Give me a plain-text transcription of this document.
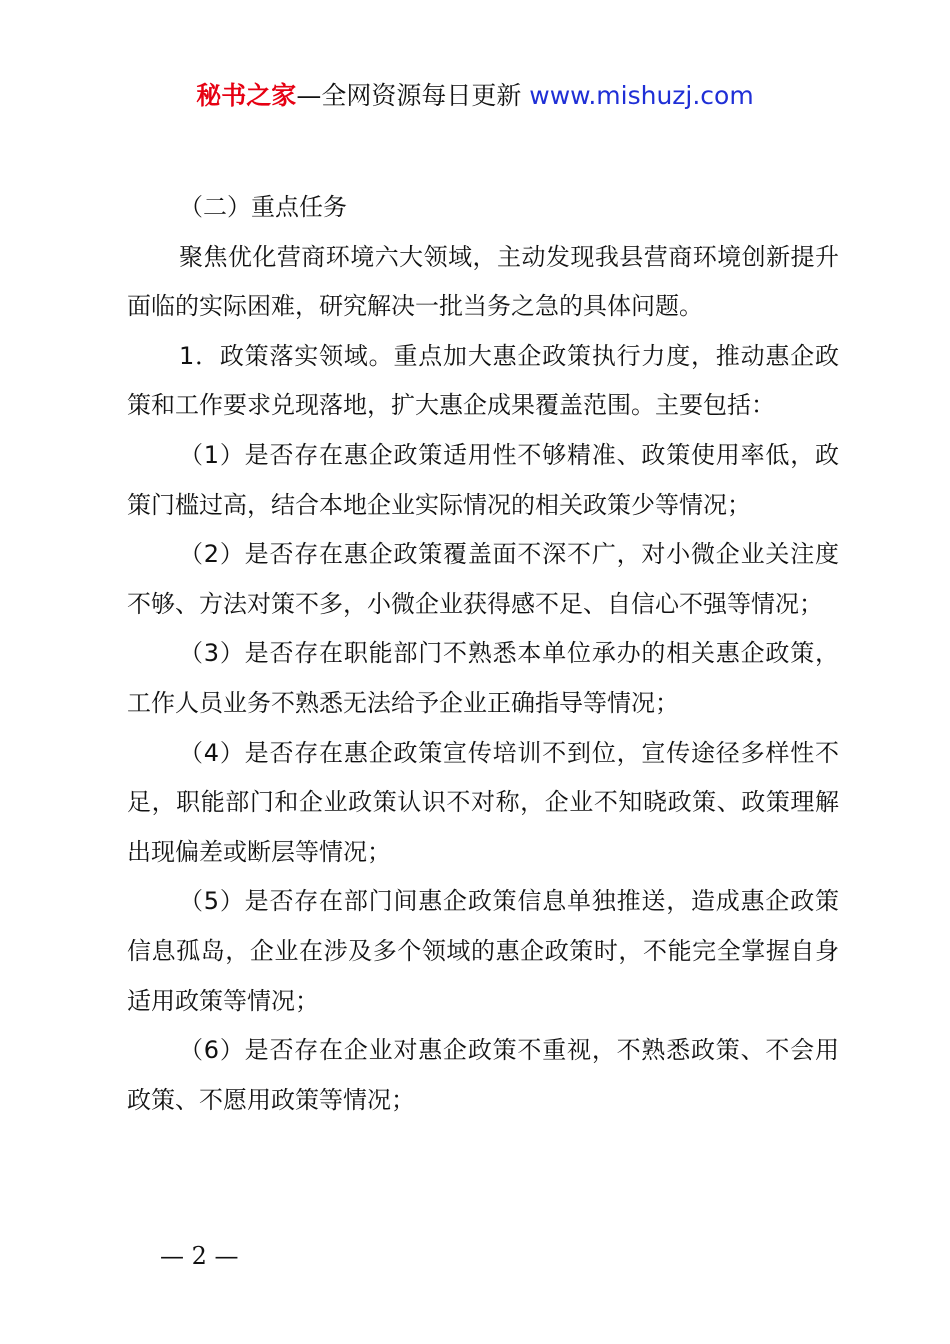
秘书之家—全网资源每日更新 www.mishuzj.com

（二）重点任务

聚焦优化营商环境六大领域，主动发现我县营商环境创新提升面临的实际困难，研究解决一批当务之急的具体问题。

1．政策落实领域。重点加大惠企政策执行力度，推动惠企政策和工作要求兑现落地，扩大惠企成果覆盖范围。主要包括：

（1）是否存在惠企政策适用性不够精准、政策使用率低，政策门槛过高，结合本地企业实际情况的相关政策少等情况；

（2）是否存在惠企政策覆盖面不深不广，对小微企业关注度不够、方法对策不多，小微企业获得感不足、自信心不强等情况；

（3）是否存在职能部门不熟悉本单位承办的相关惠企政策，工作人员业务不熟悉无法给予企业正确指导等情况；

（4）是否存在惠企政策宣传培训不到位，宣传途径多样性不足，职能部门和企业政策认识不对称，企业不知晓政策、政策理解出现偏差或断层等情况；

（5）是否存在部门间惠企政策信息单独推送，造成惠企政策信息孤岛，企业在涉及多个领域的惠企政策时，不能完全掌握自身适用政策等情况；

（6）是否存在企业对惠企政策不重视，不熟悉政策、不会用政策、不愿用政策等情况；

— 2 —
